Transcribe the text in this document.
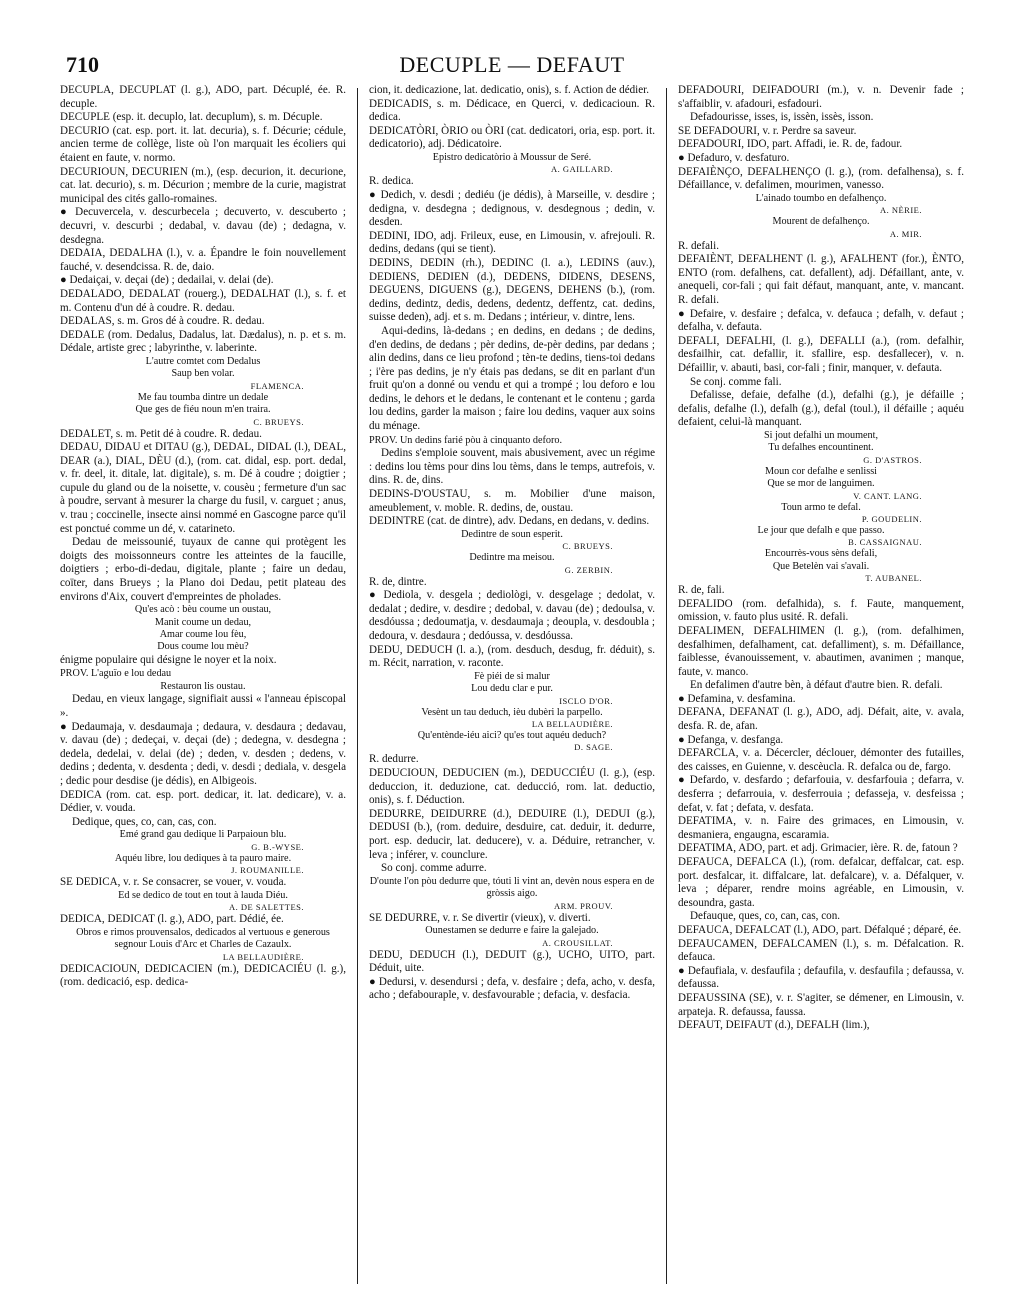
710	DECUPLE — DEFAUT

DECUPLA, DECUPLAT (l. g.), ADO, part. Décuplé, ée. R. decuple.

DECUPLE (esp. it. decuplo, lat. decuplum), s. m. Décuple.

DECURIO (cat. esp. port. it. lat. decuria), s. f. Décurie; cédule, ancien terme de collège, liste où l'on marquait les écoliers qui étaient en faute, v. normo.

DECURIOUN, DECURIEN (m.), (esp. decurion, it. decurione, cat. lat. decurio), s. m. Décurion ; membre de la curie, magistrat municipal des cités gallo-romaines.

● Decuvercela, v. descurbecela ; decuverto, v. descuberto ; decuvri, v. descurbi ; dedabal, v. davau (de) ; dedagna, v. desdegna.

DEDAIA, DEDALHA (l.), v. a. Épandre le foin nouvellement fauché, v. desendcissa. R. de, daio.

● Dedaiçai, v. deçai (de) ; dedailai, v. delai (de).

DEDALADO, DEDALAT (rouerg.), DEDALHAT (l.), s. f. et m. Contenu d'un dé à coudre. R. dedau.

DEDALAS, s. m. Gros dé à coudre. R. dedau.

DEDALE (rom. Dedalus, Dadalus, lat. Dædalus), n. p. et s. m. Dédale, artiste grec ; labyrinthe, v. laberinte.

L'autre comtet com Dedalus

Saup ben volar.

FLAMENCA.

Me fau toumba dintre un dedale

Que ges de fiéu noun m'en traira.

C. BRUEYS.

DEDALET, s. m. Petit dé à coudre. R. dedau.

DEDAU, DIDAU et DITAU (g.), DEDAL, DIDAL (l.), DEAL, DEAR (a.), DIAL, DÈU (d.), (rom. cat. didal, esp. port. dedal, v. fr. deel, it. ditale, lat. digitale), s. m. Dé à coudre ; doigtier ; cupule du gland ou de la noisette, v. cousèu ; fermeture d'un sac à poudre, servant à mesurer la charge du fusil, v. carguet ; anus, v. trau ; coccinelle, insecte ainsi nommé en Gascogne parce qu'il est ponctué comme un dé, v. catarineto.

Dedau de meissounié, tuyaux de canne qui protègent les doigts des moissonneurs contre les atteintes de la faucille, doigtiers ; erbo-di-dedau, digitale, plante ; faire un dedau, coïter, dans Brueys ; la Plano doi Dedau, petit plateau des environs d'Aix, couvert d'empreintes de pholades.

Qu'es acò : bèu coume un oustau,

Manit coume un dedau,

Amar coume lou fèu,

Dous coume lou mèu?

énigme populaire qui désigne le noyer et la noix.

PROV. L'aguïo e lou dedau

Restauron lis oustau.

Dedau, en vieux langage, signifiait aussi « l'anneau épiscopal ».

● Dedaumaja, v. desdaumaja ; dedaura, v. desdaura ; dedavau, v. davau (de) ; dedeçai, v. deçai (de) ; dedegna, v. desdegna ; dedela, dedelai, v. delai (de) ; deden, v. desden ; dedens, v. dedins ; dedenta, v. desdenta ; dedi, v. desdi ; dediala, v. desgela ; dedic pour desdise (je dédis), en Albigeois.

DEDICA (rom. cat. esp. port. dedicar, it. lat. dedicare), v. a. Dédier, v. vouda.

Dedique, ques, co, can, cas, con.

Emé grand gau dedique li Parpaioun blu.

G. B.-WYSE.

Aquéu libre, lou dediques à ta pauro maire.

J. ROUMANILLE.

SE DEDICA, v. r. Se consacrer, se vouer, v. vouda.

Ed se dedico de tout en tout à lauda Diéu.

A. DE SALETTES.

DEDICA, DEDICAT (l. g.), ADO, part. Dédié, ée.

Obros e rimos prouvensalos, dedicados al vertuous e generous segnour Louis d'Arc et Charles de Cazaulx.

LA BELLAUDIÈRE.

DEDICACIOUN, DEDICACIEN (m.), DEDICACIÉU (l. g.), (rom. dedicació, esp. dedica-

cion, it. dedicazione, lat. dedicatio, onis), s. f. Action de dédier.

DEDICADIS, s. m. Dédicace, en Querci, v. dedicacioun. R. dedica.

DEDICATÒRI, ÒRIO ou ÒRI (cat. dedicatori, oria, esp. port. it. dedicatorio), adj. Dédicatoire.

Epistro dedicatòrio à Moussur de Seré.

A. GAILLARD.

R. dedica.

● Dedich, v. desdi ; dediéu (je dédis), à Marseille, v. desdire ; dedigna, v. desdegna ; dedignous, v. desdegnous ; dedin, v. desden.

DEDINI, IDO, adj. Frileux, euse, en Limousin, v. afrejouli. R. dedins, dedans (qui se tient).

DEDINS, DEDIN (rh.), DEDINC (l. a.), LEDINS (auv.), DEDIENS, DEDIEN (d.), DEDENS, DIDENS, DESENS, DEGUENS, DIGUENS (g.), DEGENS, DEHENS (b.), (rom. dedins, dedintz, dedis, dedens, dedentz, deffentz, cat. dedins, suisse deden), adj. et s. m. Dedans ; intérieur, v. dintre, lens.

Aqui-dedins, là-dedans ; en dedins, en dedans ; de dedins, d'en dedins, de dedans ; pèr dedins, de-pèr dedins, par dedans ; alin dedins, dans ce lieu profond ; tèn-te dedins, tiens-toi dedans ; i'ère pas dedins, je n'y étais pas dedans, se dit en parlant d'un fruit qu'on a donné ou vendu et qui a trompé ; lou deforo e lou dedins, le dehors et le dedans, le contenant et le contenu ; garda lou dedins, garder la maison ; faire lou dedins, vaquer aux soins du ménage.

PROV. Un dedins farié pòu à cinquanto deforo.

Dedins s'emploie souvent, mais abusivement, avec un régime : dedins lou tèms pour dins lou tèms, dans le temps, autrefois, v. dins. R. de, dins.

DEDINS-D'OUSTAU, s. m. Mobilier d'une maison, ameublement, v. moble. R. dedins, de, oustau.

DEDINTRE (cat. de dintre), adv. Dedans, en dedans, v. dedins.

Dedintre de soun esperit.

C. BRUEYS.

Dedintre ma meisou.

G. ZERBIN.

R. de, dintre.

● Dediola, v. desgela ; dediològi, v. desgelage ; dedolat, v. dedalat ; dedire, v. desdire ; dedobal, v. davau (de) ; dedoulsa, v. desdóussa ; dedoumatja, v. desdaumaja ; deoupla, v. desdoubla ; dedoura, v. desdaura ; dedóussa, v. desdóussa.

DEDU, DEDUCH (l. a.), (rom. desduch, desdug, fr. déduit), s. m. Récit, narration, v. raconte.

Fè piéi de si malur

Lou dedu clar e pur.

ISCLO D'OR.

Vesènt un tau deduch, ièu dubèri la parpello.

LA BELLAUDIÈRE.

Qu'entènde-iéu aici? qu'es tout aquéu deduch?

D. SAGE.

R. dedurre.

DEDUCIOUN, DEDUCIEN (m.), DEDUCCIÉU (l. g.), (esp. deduccion, it. deduzione, cat. deducció, rom. lat. deductio, onis), s. f. Déduction.

DEDURRE, DEIDURRE (d.), DEDUIRE (l.), DEDUI (g.), DEDUSI (b.), (rom. deduire, desduire, cat. deduir, it. dedurre, port. esp. deducir, lat. deducere), v. a. Déduire, retrancher, v. leva ; inférer, v. counclure.

So conj. comme adurre.

D'ounte l'on pòu dedurre que, tóuti li vint an, devèn nous espera en de gròssis aigo.

ARM. PROUV.

SE DEDURRE, v. r. Se divertir (vieux), v. diverti.

Ounestamen se dedurre e faire la galejado.

A. CROUSILLAT.

DEDU, DEDUCH (l.), DEDUIT (g.), UCHO, UITO, part. Déduit, uite.

● Dedursi, v. desendursi ; defa, v. desfaire ; defa, acho, v. desfa, acho ; defabouraple, v. desfavourable ; defacia, v. desfacia.

DEFADOURI, DEIFADOURI (m.), v. n. Devenir fade ; s'affaiblir, v. afadouri, esfadouri.

Defadourisse, isses, is, issèn, issès, isson.

SE DEFADOURI, v. r. Perdre sa saveur.

DEFADOURI, IDO, part. Affadi, ie. R. de, fadour.

● Defaduro, v. desfaturo.

DEFAIÈNÇO, DEFALHENÇO (l. g.), (rom. defalhensa), s. f. Défaillance, v. defalimen, mourimen, vanesso.

L'ainado toumbo en defalhenço.

A. NÈRIE.

Mourent de defalhenço.

A. MIR.

R. defali.

DEFAIÈNT, DEFALHENT (l. g.), AFALHENT (for.), ÈNTO, ENTO (rom. defalhens, cat. defallent), adj. Défaillant, ante, v. anequeli, cor-fali ; qui fait défaut, manquant, ante, v. mancant. R. defali.

● Defaire, v. desfaire ; defalca, v. defauca ; defalh, v. defaut ; defalha, v. defauta.

DEFALI, DEFALHI, (l. g.), DEFALLI (a.), (rom. defalhir, desfailhir, cat. defallir, it. sfallire, esp. desfallecer), v. n. Défaillir, v. abauti, basi, cor-fali ; finir, manquer, v. defauta.

Se conj. comme fali.

Defalisse, defaie, defalhe (d.), defalhi (g.), je défaille ; defalis, defalhe (l.), defalh (g.), defal (toul.), il défaille ; aquéu defaient, celui-là manquant.

Si jout defalhi un moument,

Tu defalhes encountinent.

G. D'ASTROS.

Moun cor defalhe e senlissi

Que se mor de languimen.

V. CANT. LANG.

Toun armo te defal.

P. GOUDELIN.

Le jour que defalh e que passo.

B. CASSAIGNAU.

Encourrès-vous sèns defali,

Que Betelèn vai s'avali.

T. AUBANEL.

R. de, fali.

DEFALIDO (rom. defalhida), s. f. Faute, manquement, omission, v. fauto plus usité. R. defali.

DEFALIMEN, DEFALHIMEN (l. g.), (rom. defalhimen, desfalhimen, defalhament, cat. defalliment), s. m. Défaillance, faiblesse, évanouissement, v. abautimen, avanimen ; manque, faute, v. manco.

En defalimen d'autre bèn, à défaut d'autre bien. R. defali.

● Defamina, v. desfamina.

DEFANA, DEFANAT (l. g.), ADO, adj. Défait, aite, v. avala, desfa. R. de, afan.

● Defanga, v. desfanga.

DEFARCLA, v. a. Décercler, déclouer, démonter des futailles, des caisses, en Guienne, v. descèucla. R. defalca ou de, fargo.

● Defardo, v. desfardo ; defarfouia, v. desfarfouia ; defarra, v. desferra ; defarrouia, v. desferrouia ; defasseja, v. desfeissa ; defat, v. fat ; defata, v. desfata.

DEFATIMA, v. n. Faire des grimaces, en Limousin, v. desmaniera, engaugna, escaramia.

DEFATIMA, ADO, part. et adj. Grimacier, ière. R. de, fatoun ?

DEFAUCA, DEFALCA (l.), (rom. defalcar, deffalcar, cat. esp. port. desfalcar, it. diffalcare, lat. defalcare), v. a. Défalquer, v. leva ; déparer, rendre moins agréable, en Limousin, v. desoundra, gasta.

Defauque, ques, co, can, cas, con.

DEFAUCA, DEFALCAT (l.), ADO, part. Défalqué ; déparé, ée.

DEFAUCAMEN, DEFALCAMEN (l.), s. m. Défalcation. R. defauca.

● Defaufiala, v. desfaufila ; defaufila, v. desfaufila ; defaussa, v. defaussa.

DEFAUSSINA (SE), v. r. S'agiter, se démener, en Limousin, v. arpateja. R. defaussa, faussa.

DEFAUT, DEIFAUT (d.), DEFALH (lim.),
